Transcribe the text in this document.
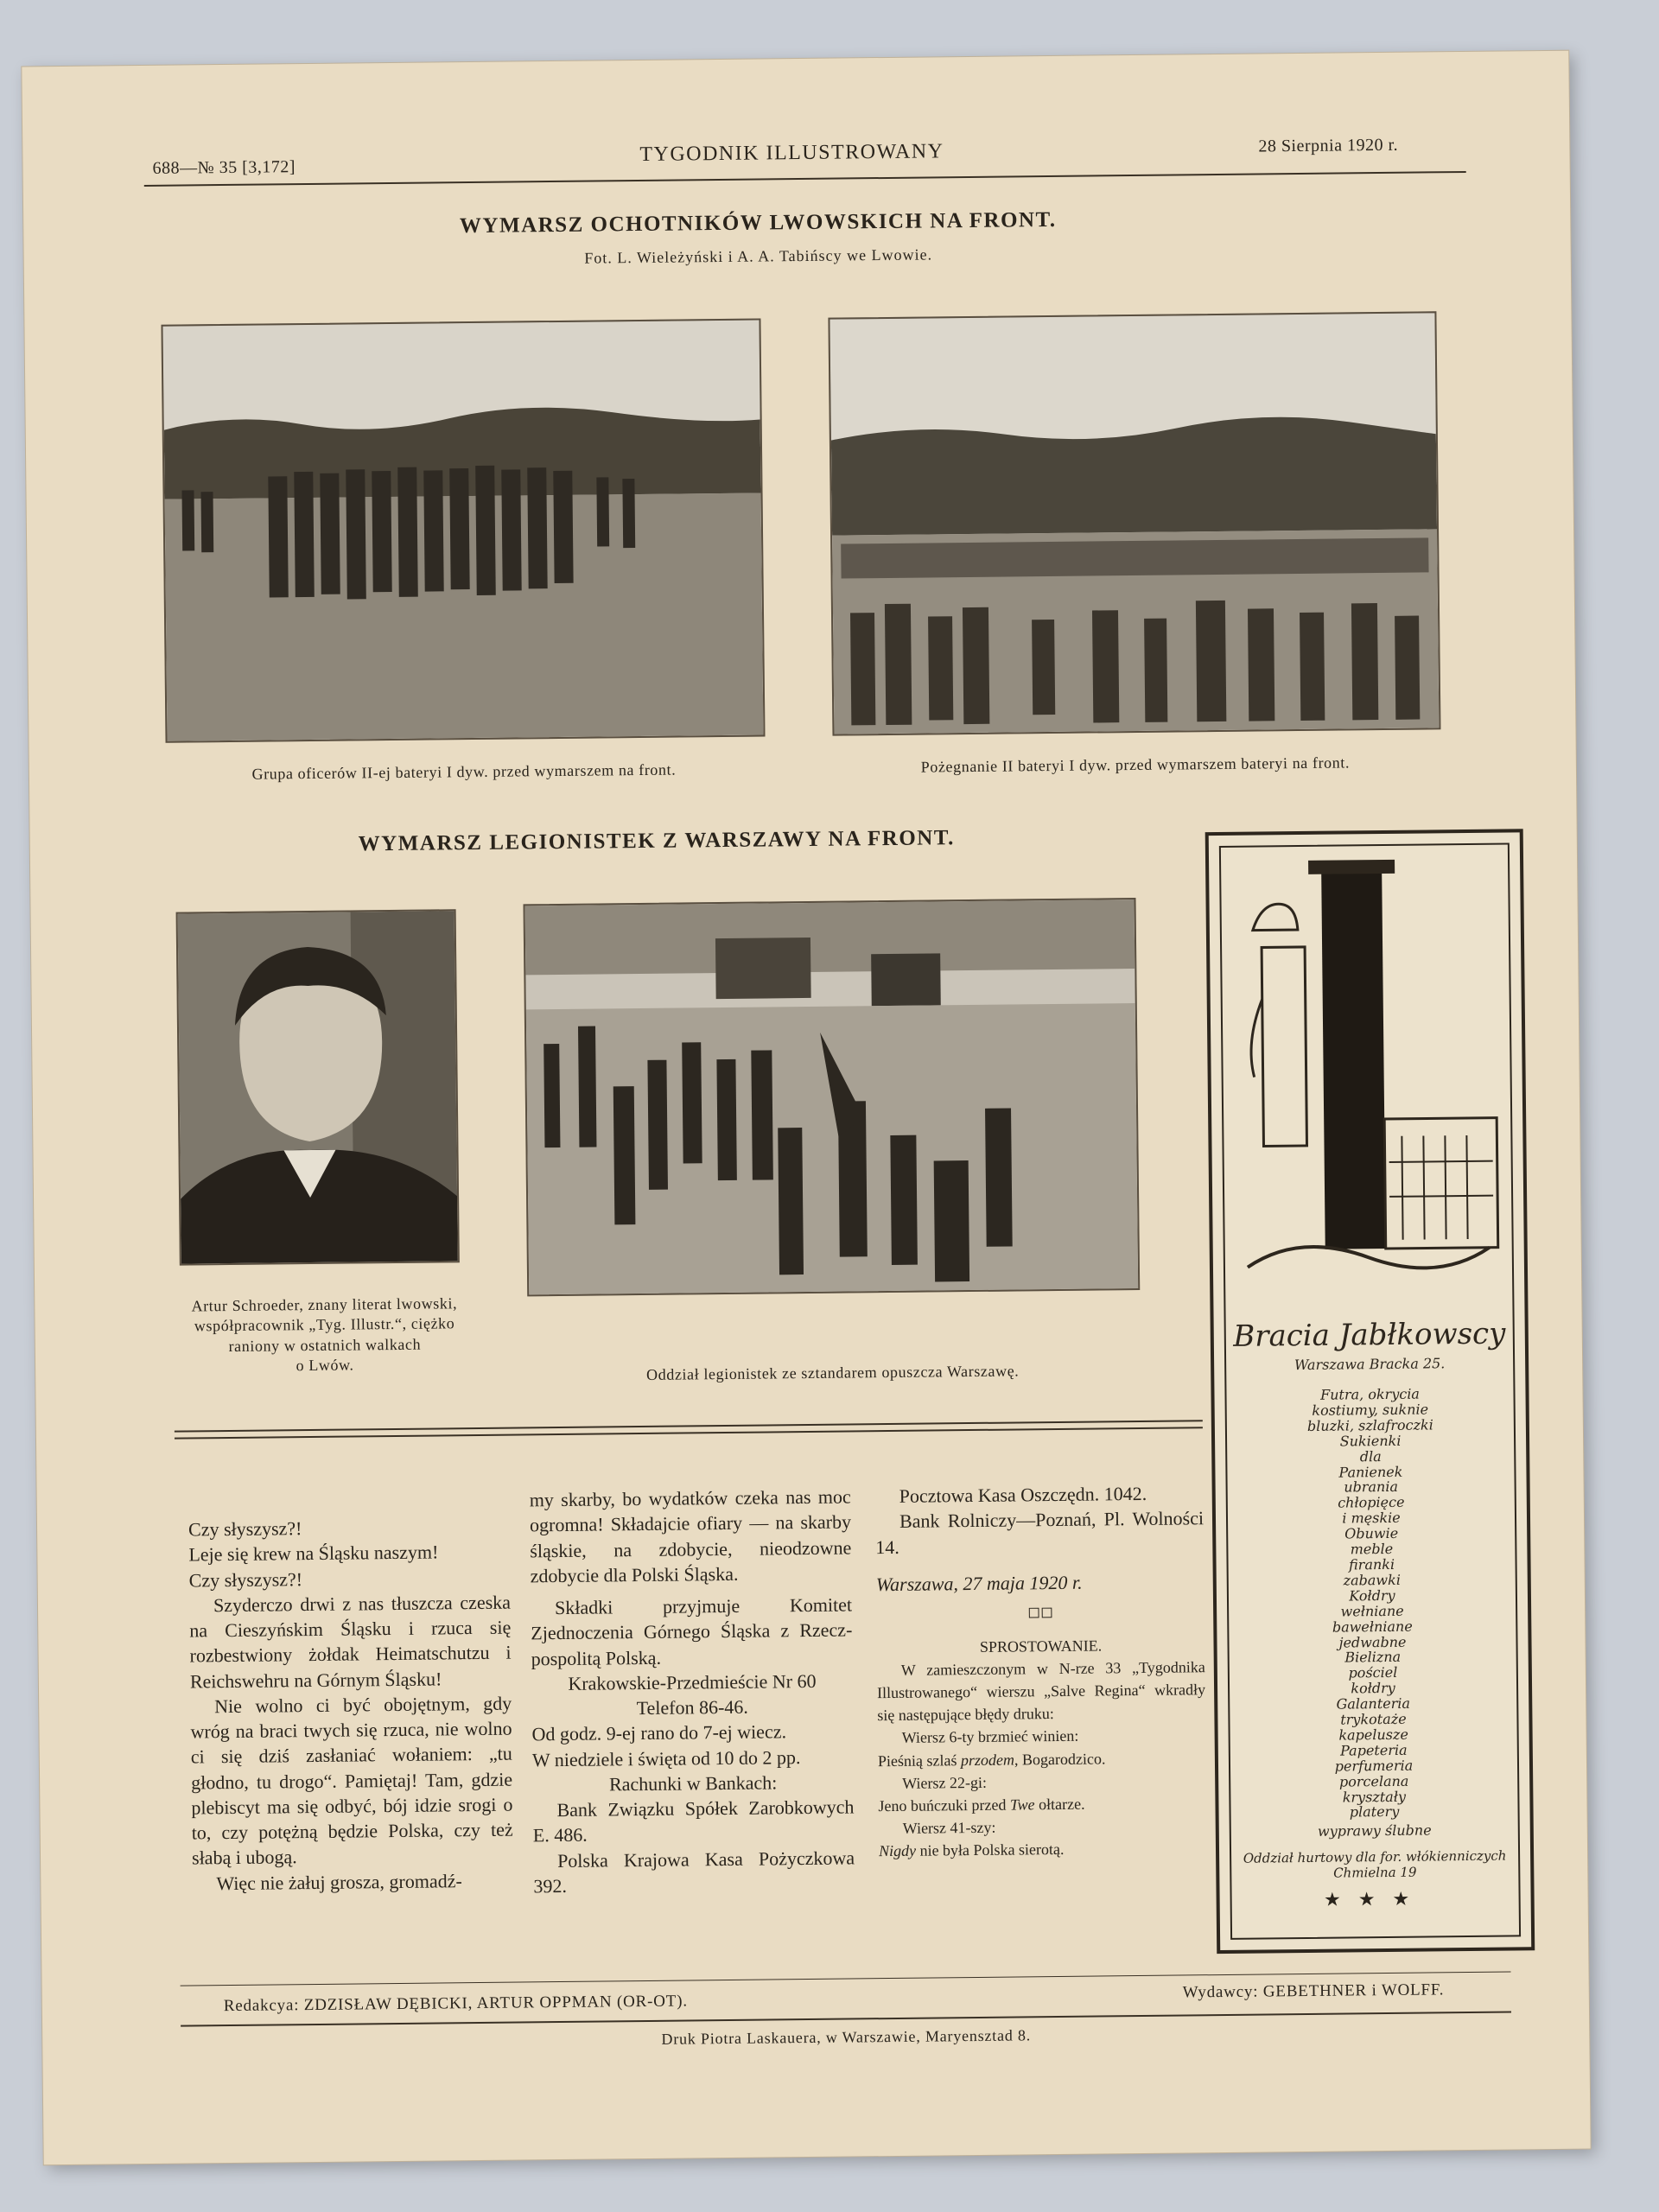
688—№ 35 [3,172]
TYGODNIK ILLUSTROWANY	28 Sierpnia 1920 r.
WYMARSZ OCHOTNIKÓW LWOWSKICH NA FRONT.
Fot. L. Wieleżyński i A. A. Tabińscy we Lwowie.
Grupa oficerów II-ej bateryi I dyw. przed wymarszem na front.	Pożegnanie II bateryi I dyw. przed wymarszem bateryi na front.
WYMARSZ LEGIONISTEK Z WARSZAWY NA FRONT.
Artur Schroeder, znany literat lwowski,
współpracownik „Tyg. Illustr.“, ciężko
raniony w ostatnich walkach
o Lwów.	Oddział legionistek ze sztandarem opuszcza Warszawę.

Czy słyszysz?!

Leje się krew na Śląsku naszym!

Czy słyszysz?!

Szyderczo drwi z nas tłuszcza czeska na Cieszyńskim Śląsku i rzuca się rozbestwiony żołdak Heimatschutzu i Reichswehru na Górnym Śląsku!

Nie wolno ci być obojętnym, gdy wróg na braci twych się rzuca, nie wolno ci się dziś zasłaniać wołaniem: „tu głodno, tu drogo“. Pamiętaj! Tam, gdzie plebiscyt ma się odbyć, bój idzie srogi o to, czy potężną będzie Polska, czy też słabą i ubogą.

Więc nie żałuj grosza, gromadź-

my skarby, bo wydatków czeka nas moc ogromna! Składajcie ofiary — na skarby śląskie, na zdobycie, nieodzowne zdobycie dla Polski Śląska.

Składki przyjmuje Komitet Zjednoczenia Górnego Śląska z Rzeczpospolitą Polską.

Krakowskie-Przedmieście Nr 60

Telefon 86-46.

Od godz. 9-ej rano do 7-ej wiecz.

W niedziele i święta od 10 do 2 pp.

Rachunki w Bankach:

Bank Związku Spółek Zarobkowych E. 486.

Polska Krajowa Kasa Pożyczkowa 392.

Pocztowa Kasa Oszczędn. 1042.

Bank Rolniczy—Poznań, Pl. Wolności 14.

Warszawa, 27 maja 1920 r.

◻◻

SPROSTOWANIE.

W zamieszczonym w N-rze 33 „Tygodnika Illustrowanego“ wierszu „Salve Regina“ wkradły się następujące błędy druku:

Wiersz 6-ty brzmieć winien:

Pieśnią szlaś przodem, Bogarodzico.

Wiersz 22-gi:

Jeno buńczuki przed Twe ołtarze.

Wiersz 41-szy:

Nigdy nie była Polska sierotą.

Bracia Jabłkowscy
Warszawa Bracka 25.
Futra, okrycia
kostiumy, suknie
bluzki, szlafroczki
Sukienki
dla
Panienek
ubrania
chłopięce
i męskie
Obuwie
meble
firanki
zabawki
Kołdry
wełniane
bawełniane
jedwabne
Bielizna
pościel
kołdry
Galanteria
trykotaże
kapelusze
Papeteria
perfumeria
porcelana
kryształy
platery
wyprawy ślubne
Oddział hurtowy dla for. włókienniczych Chmielna 19
★★★
Redakcya: ZDZISŁAW DĘBICKI, ARTUR OPPMAN (OR-OT).
Wydawcy: GEBETHNER i WOLFF.
Druk Piotra Laskauera, w Warszawie, Maryensztad 8.
